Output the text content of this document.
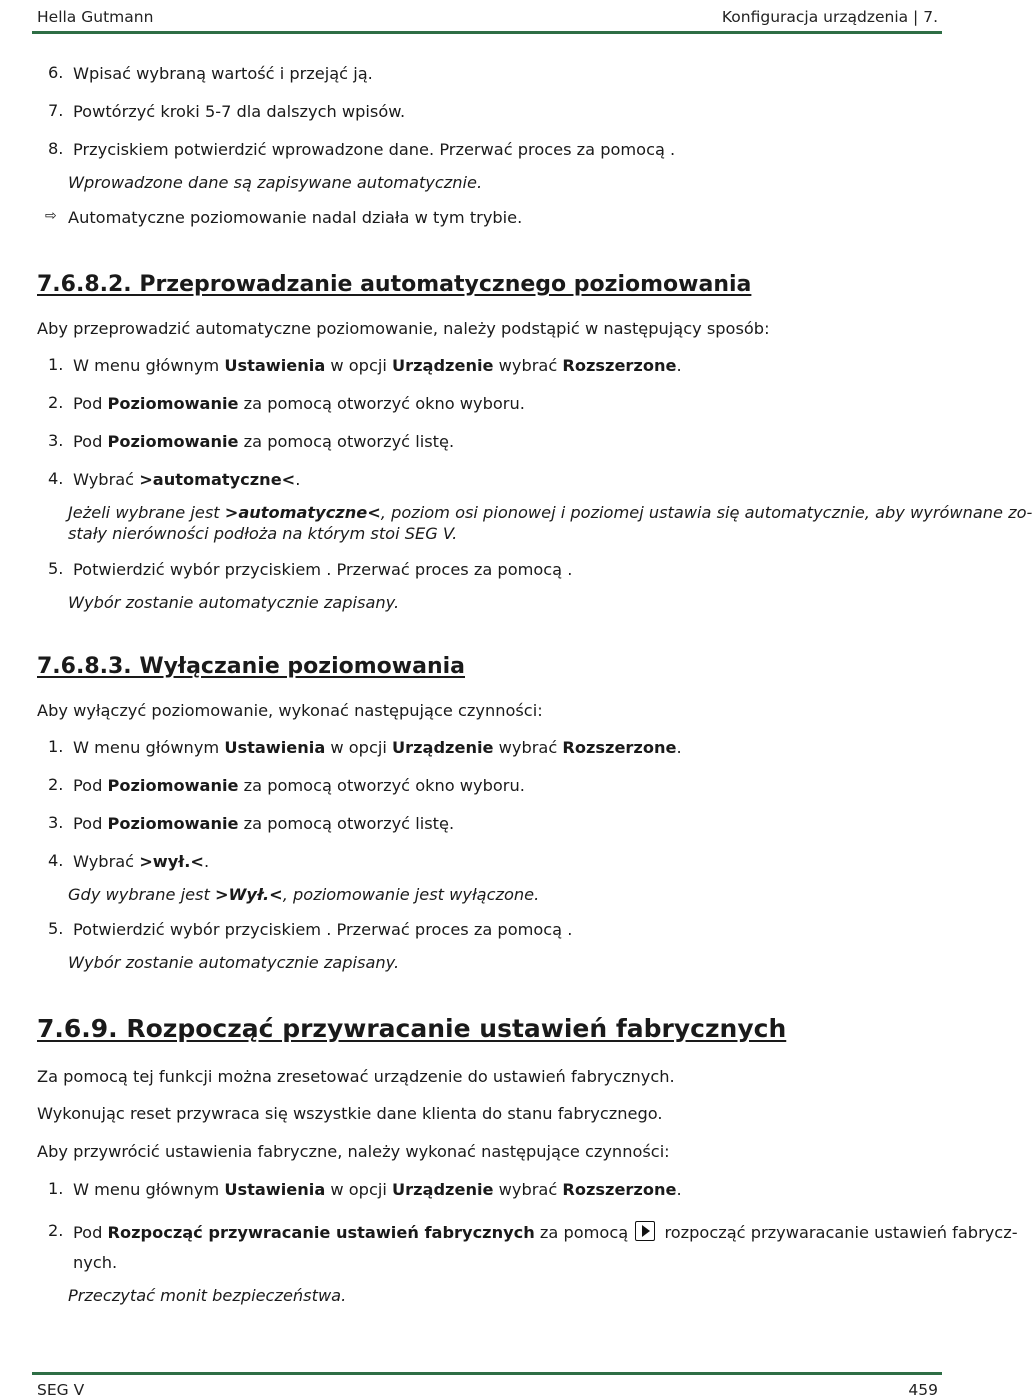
Hella Gutmann	Konfiguracja urządzenia | 7.
6. Wpisać wybraną wartość i przejąć ją.
7. Powtórzyć kroki 5-7 dla dalszych wpisów.
8. Przyciskiem potwierdzić wprowadzone dane. Przerwać proces za pomocą .
Wprowadzone dane są zapisywane automatycznie.
⇨ Automatyczne poziomowanie nadal działa w tym trybie.
7.6.8.2. Przeprowadzanie automatycznego poziomowania
Aby przeprowadzić automatyczne poziomowanie, należy podstąpić w następujący sposób:
1. W menu głównym Ustawienia w opcji Urządzenie wybrać Rozszerzone.
2. Pod Poziomowanie za pomocą otworzyć okno wyboru.
3. Pod Poziomowanie za pomocą otworzyć listę.
4. Wybrać >automatyczne<.
Jeżeli wybrane jest >automatyczne<, poziom osi pionowej i poziomej ustawia się automatycznie, aby wyrównane zo-
stały nierówności podłoża na którym stoi SEG V.
5. Potwierdzić wybór przyciskiem . Przerwać proces za pomocą .
Wybór zostanie automatycznie zapisany.
7.6.8.3. Wyłączanie poziomowania
Aby wyłączyć poziomowanie, wykonać następujące czynności:
1. W menu głównym Ustawienia w opcji Urządzenie wybrać Rozszerzone.
2. Pod Poziomowanie za pomocą otworzyć okno wyboru.
3. Pod Poziomowanie za pomocą otworzyć listę.
4. Wybrać >wył.<.
Gdy wybrane jest >Wył.<, poziomowanie jest wyłączone.
5. Potwierdzić wybór przyciskiem . Przerwać proces za pomocą .
Wybór zostanie automatycznie zapisany.
7.6.9. Rozpocząć przywracanie ustawień fabrycznych
Za pomocą tej funkcji można zresetować urządzenie do ustawień fabrycznych.
Wykonując reset przywraca się wszystkie dane klienta do stanu fabrycznego.
Aby przywrócić ustawienia fabryczne, należy wykonać następujące czynności:
1. W menu głównym Ustawienia w opcji Urządzenie wybrać Rozszerzone.
2. Pod Rozpocząć przywracanie ustawień fabrycznych za pomocą  rozpocząć przywaracanie ustawień fabrycz-
nych.
Przeczytać monit bezpieczeństwa.
SEG V	459
